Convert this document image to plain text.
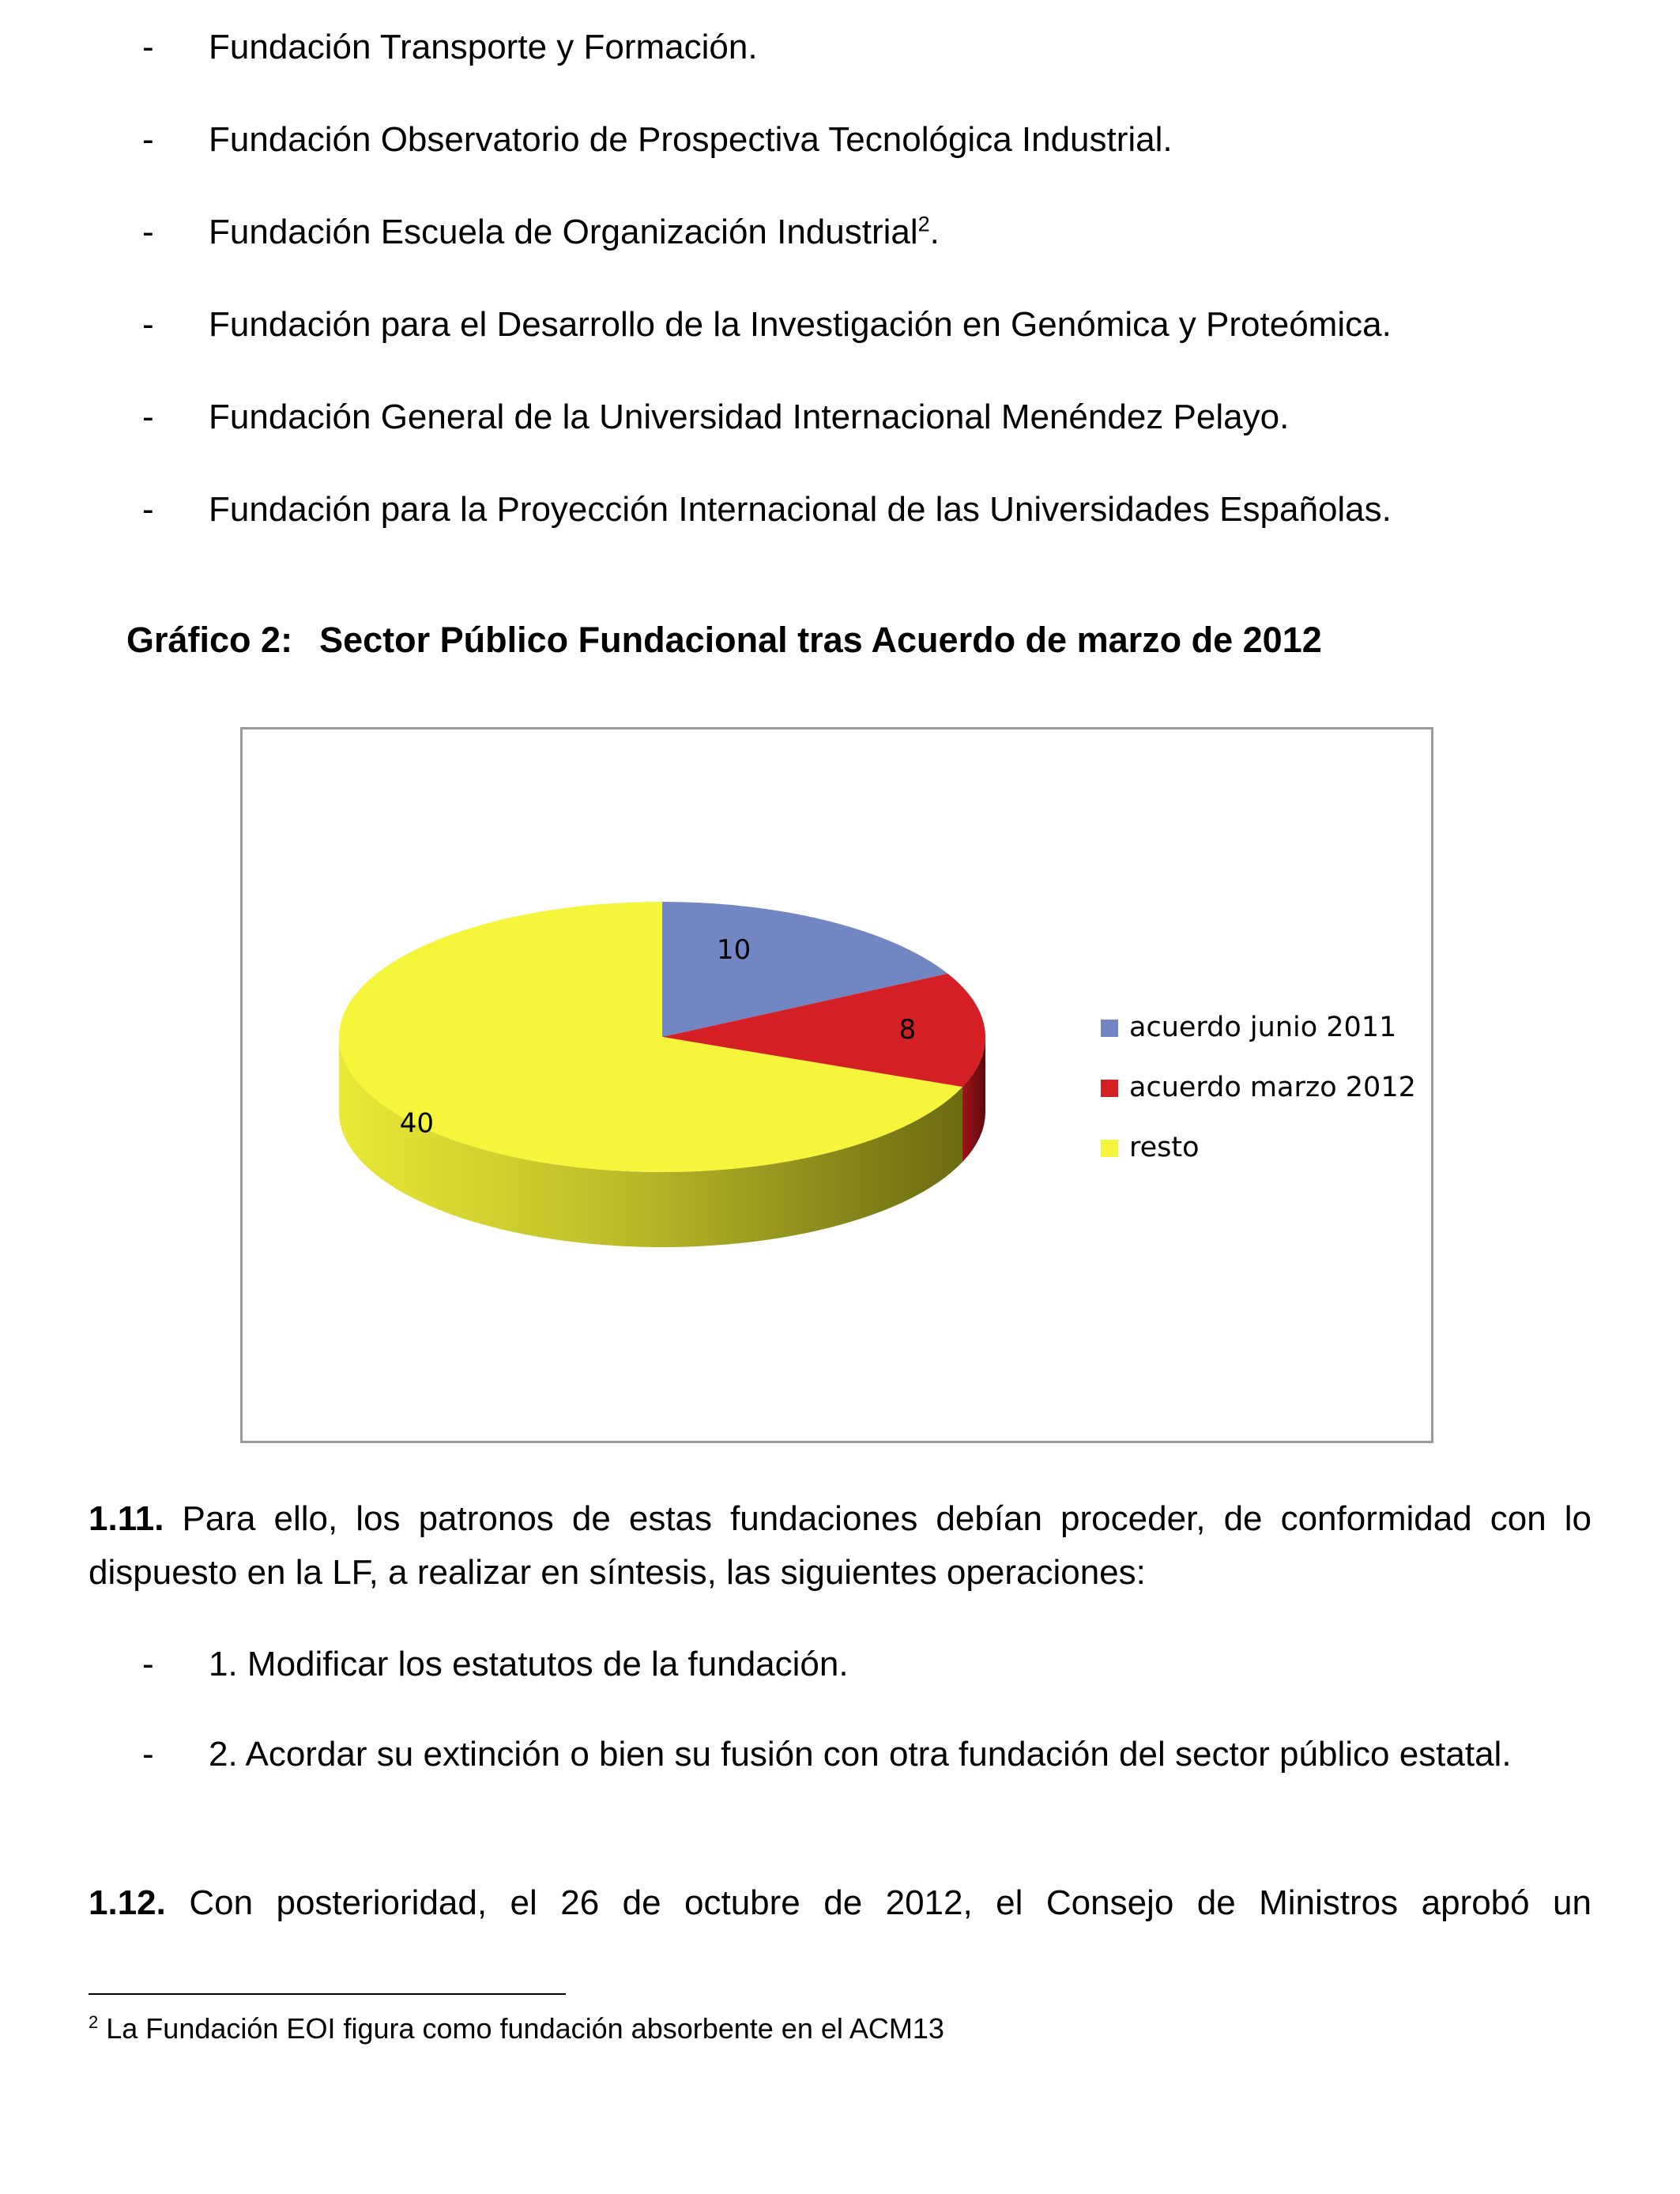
-	Fundación Transporte y Formación.
-	Fundación Observatorio de Prospectiva Tecnológica Industrial.
-	Fundación Escuela de Organización Industrial$^2$.
-	Fundación para el Desarrollo de la Investigación en Genómica y Proteómica.
-	Fundación General de la Universidad Internacional Menéndez Pelayo.
-	Fundación para la Proyección Internacional de las Universidades Españolas.
Gráfico 2: Sector Público Fundacional tras Acuerdo de marzo de 2012
10
8
40
acuerdo junio 2011
acuerdo marzo 2012
resto
1.11. Para ello, los patronos de estas fundaciones debían proceder, de conformidad con lo dispuesto en la LF, a realizar en síntesis, las siguientes operaciones:
-	1. Modificar los estatutos de la fundación.
-	2. Acordar su extinción o bien su fusión con otra fundación del sector público estatal.
1.12. Con posterioridad, el 26 de octubre de 2012, el Consejo de Ministros aprobó un
$^2$ La Fundación EOI figura como fundación absorbente en el ACM13
